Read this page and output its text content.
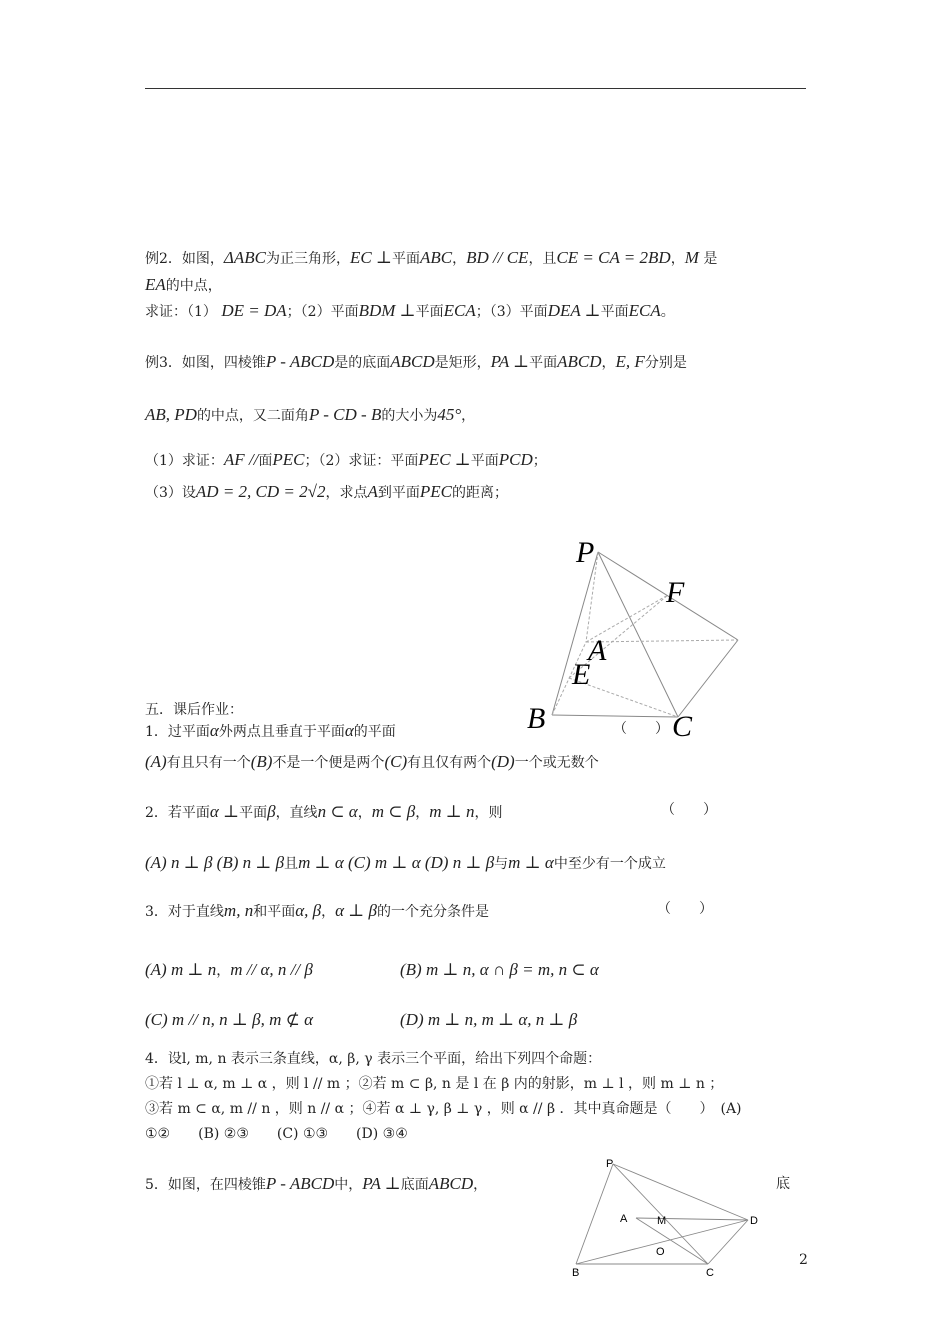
例2．如图，ΔABC为正三角形，EC ⊥平面ABC，BD // CE，且CE = CA = 2BD，M 是
EA的中点，
求证：（1） DE = DA；（2）平面BDM ⊥平面ECA；（3）平面DEA ⊥平面ECA。
例3．如图，四棱锥P - ABCD是的底面ABCD是矩形，PA ⊥平面ABCD，E, F分别是
AB, PD的中点，又二面角P - CD - B的大小为45°，
（1）求证：AF //面PEC；（2）求证：平面PEC ⊥平面PCD；
（3）设AD = 2, CD = 2√2，求点A到平面PEC的距离；
P
F
A
E
B	C
五．课后作业：
1．过平面α外两点且垂直于平面α的平面	（　　）
(A)有且只有一个(B)不是一个便是两个(C)有且仅有两个(D)一个或无数个
2．若平面α ⊥平面β，直线n ⊂ α，m ⊂ β，m ⊥ n，则	（　　）
(A) n ⊥ β (B) n ⊥ β且m ⊥ α (C) m ⊥ α (D) n ⊥ β与m ⊥ α中至少有一个成立
3．对于直线m, n和平面α, β，α ⊥ β的一个充分条件是	（　　）
(A) m ⊥ n，m // α, n // β	(B) m ⊥ n, α ∩ β = m, n ⊂ α
(C) m // n, n ⊥ β, m ⊄ α	(D) m ⊥ n, m ⊥ α, n ⊥ β
4．设l, m, n 表示三条直线，α, β, γ 表示三个平面，给出下列四个命题：
①若 l ⊥ α, m ⊥ α ，则 l // m ；②若 m ⊂ β, n 是 l 在 β 内的射影，m ⊥ l ，则 m ⊥ n ；
③若 m ⊂ α, m // n ，则 n // α ；④若 α ⊥ γ, β ⊥ γ ，则 α // β ．其中真命题是（　　）　(A)
①②　　(B) ②③　　(C) ①③　　(D) ③④
5．如图，在四棱锥P - ABCD中，PA ⊥底面ABCD，	底
P
A	M	D
O
B	C
2
